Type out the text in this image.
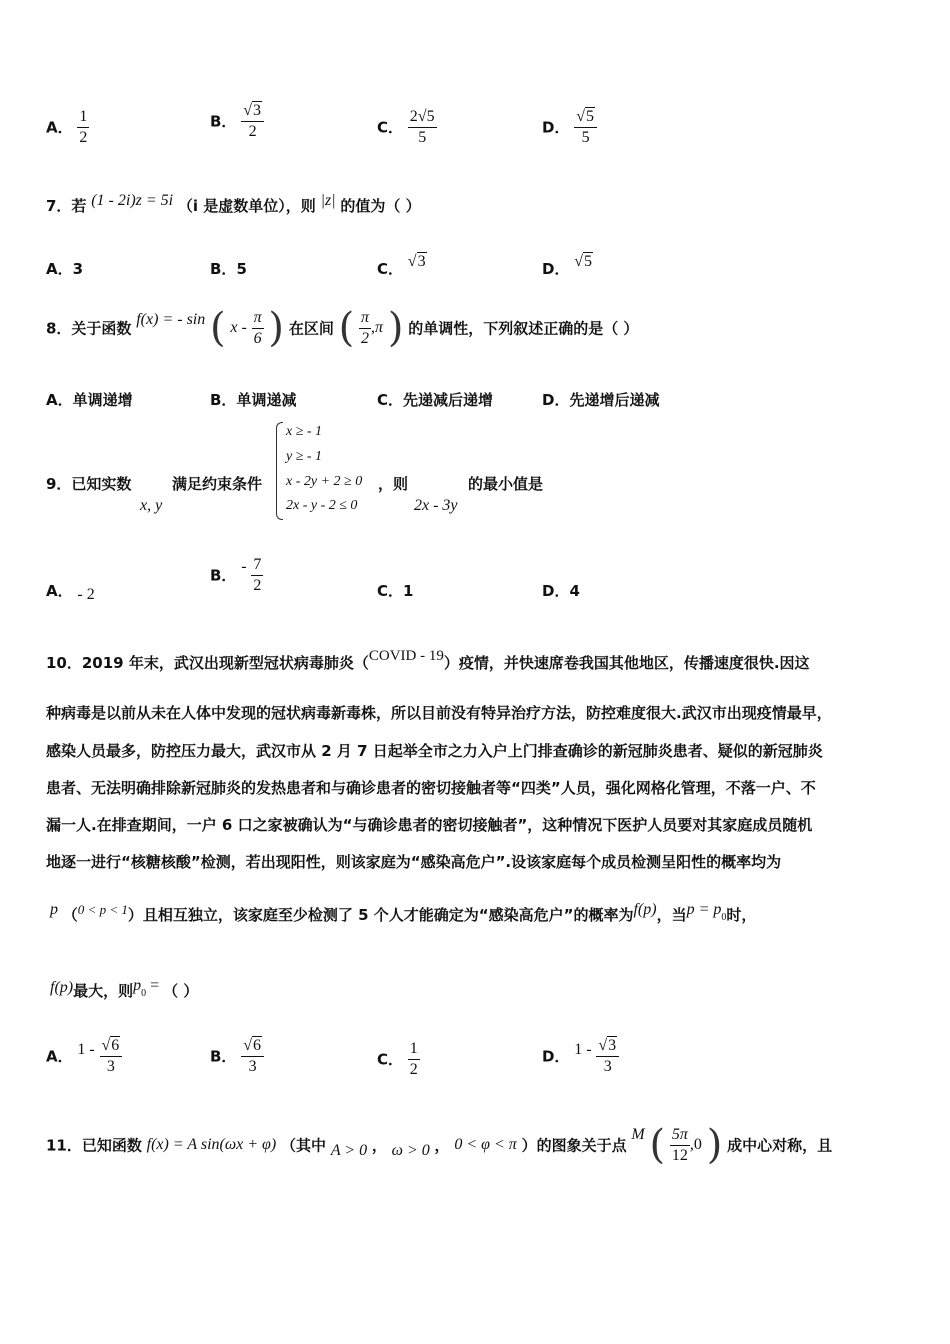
A． $\frac{1}{2}$	B． $\frac{√3}{2}$	C． $\frac{2√5}{5}$	D． $\frac{√5}{5}$
7．若 (1 - 2i)z = 5i （i 是虚数单位），则 |z| 的值为（ ）
A．3	B．5	C． √3	D． √5
8．关于函数 f(x) = - sin ( x - $\frac{\pi}{6}$ ) 在区间 ( $\frac{\pi}{2} ,\pi$ ) 的单调性，下列叙述正确的是（ ）
A．单调递增	B．单调递减	C．先递减后递增	D．先递增后递减
9．已知实数
x, y
满足约束条件
x ≥ - 1
y ≥ - 1
x - 2y + 2 ≥ 0
2x - y - 2 ≤ 0
，则
2x - 3y
的最小值是
A． - 2
B． - $\frac{7}{2}$	C．1	D．4
10．2019 年末，武汉出现新型冠状病毒肺炎（COVID - 19）疫情，并快速席卷我国其他地区，传播速度很快.因这
种病毒是以前从未在人体中发现的冠状病毒新毒株，所以目前没有特异治疗方法，防控难度很大.武汉市出现疫情最早，
感染人员最多，防控压力最大，武汉市从 2 月 7 日起举全市之力入户上门排查确诊的新冠肺炎患者、疑似的新冠肺炎
患者、无法明确排除新冠肺炎的发热患者和与确诊患者的密切接触者等“四类”人员，强化网格化管理，不落一户、不
漏一人.在排查期间，一户 6 口之家被确认为“与确诊患者的密切接触者”，这种情况下医护人员要对其家庭成员随机
地逐一进行“核糖核酸”检测，若出现阳性，则该家庭为“感染高危户”.设该家庭每个成员检测呈阳性的概率均为
p （0 < p < 1）且相互独立，该家庭至少检测了 5 个人才能确定为“感染高危户”的概率为f(p)，当$p = p_0$时，
f(p)最大，则$p_0$ = （ ）
A． $1 - \frac{√6}{3}$	B． $\frac{√6}{3}$	C． $\frac{1}{2}$	D． $1 - \frac{√3}{3}$
11．已知函数 f(x) = A sin(ωx + φ) （其中 A > 0 ， ω > 0 ， 0 < φ < π ）的图象关于点 M ( $\frac{5\pi}{12} ,0$ ) 成中心对称，且
